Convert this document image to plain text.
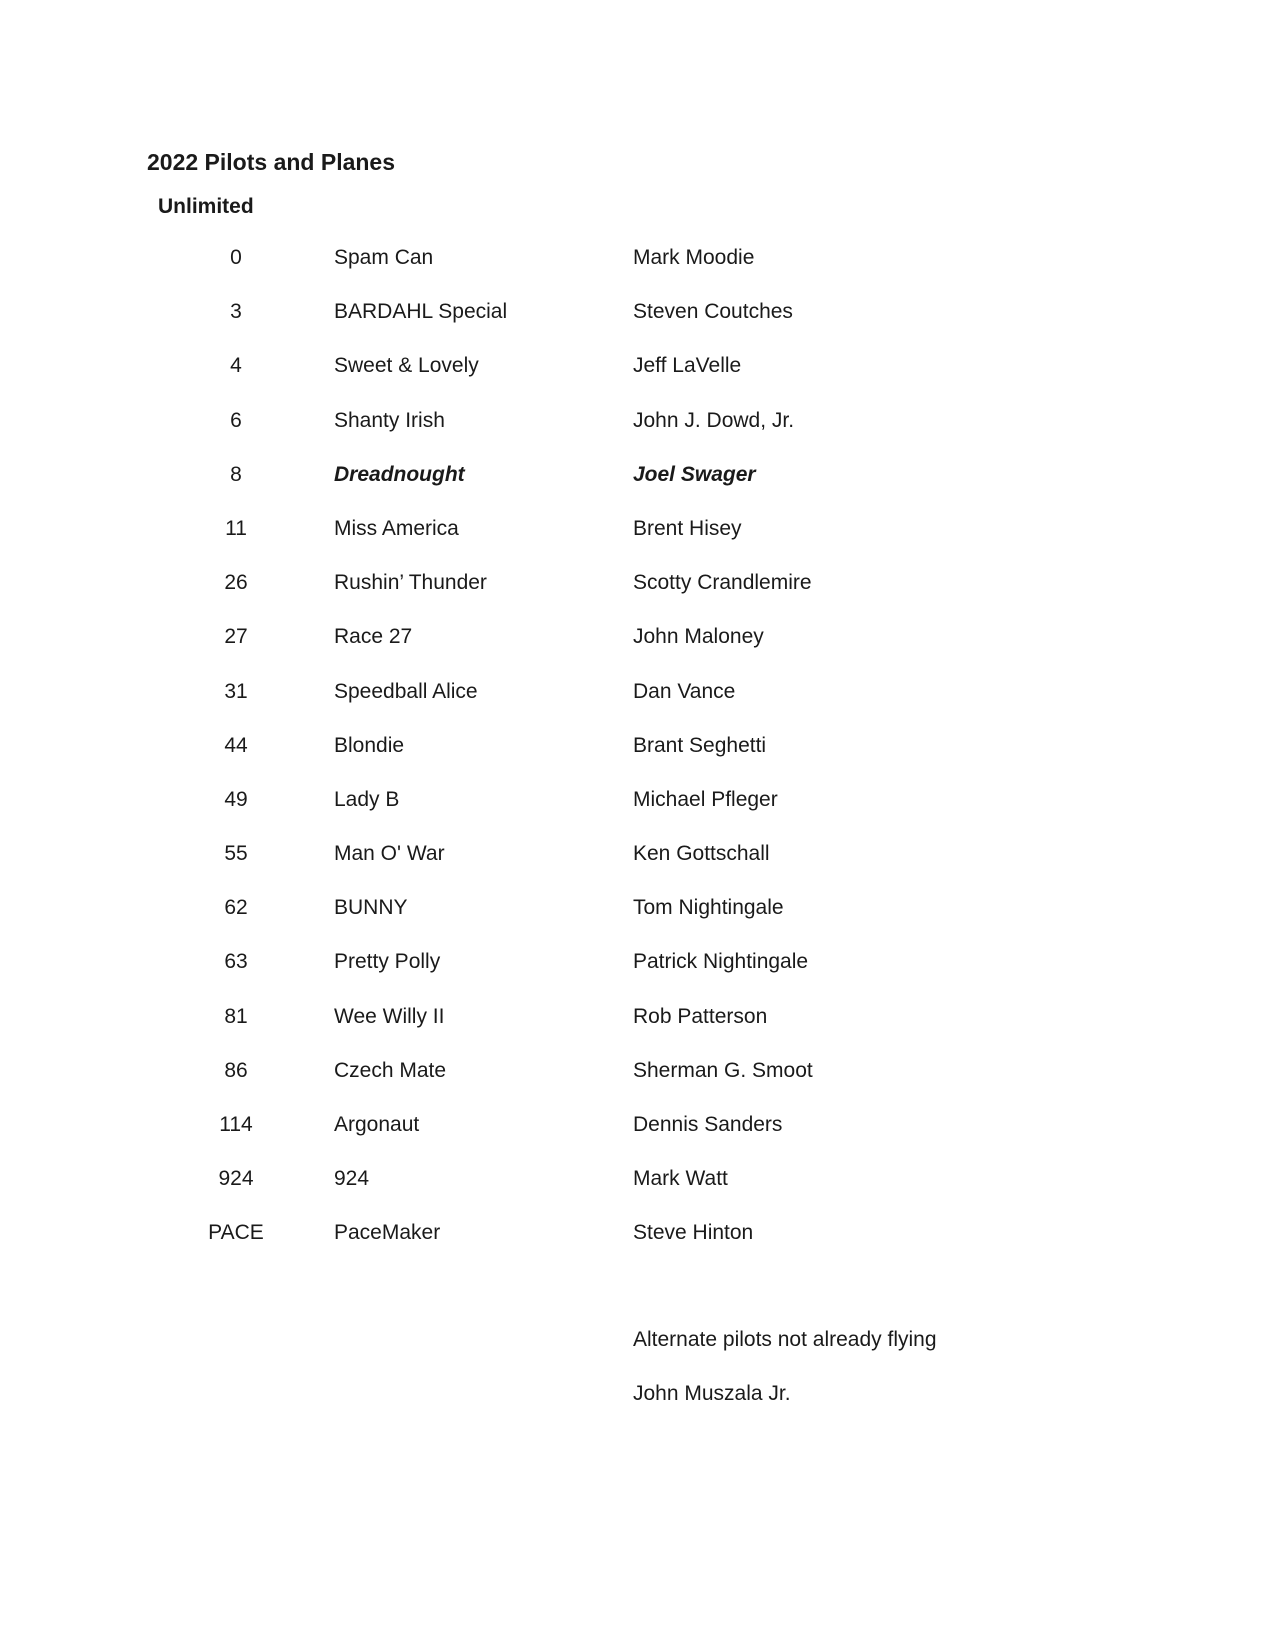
2022 Pilots and Planes
Unlimited
0	Spam Can	Mark Moodie
3	BARDAHL Special	Steven Coutches
4	Sweet & Lovely	Jeff LaVelle
6	Shanty Irish	John J. Dowd, Jr.
8	Dreadnought	Joel Swager
11	Miss America	Brent Hisey
26	Rushin’ Thunder	Scotty Crandlemire
27	Race 27	John Maloney
31	Speedball Alice	Dan Vance
44	Blondie	Brant Seghetti
49	Lady B	Michael Pfleger
55	Man O' War	Ken Gottschall
62	BUNNY	Tom Nightingale
63	Pretty Polly	Patrick Nightingale
81	Wee Willy II	Rob Patterson
86	Czech Mate	Sherman G. Smoot
114	Argonaut	Dennis Sanders
924	924	Mark Watt
PACE	PaceMaker	Steve Hinton
Alternate pilots not already flying
John Muszala Jr.
